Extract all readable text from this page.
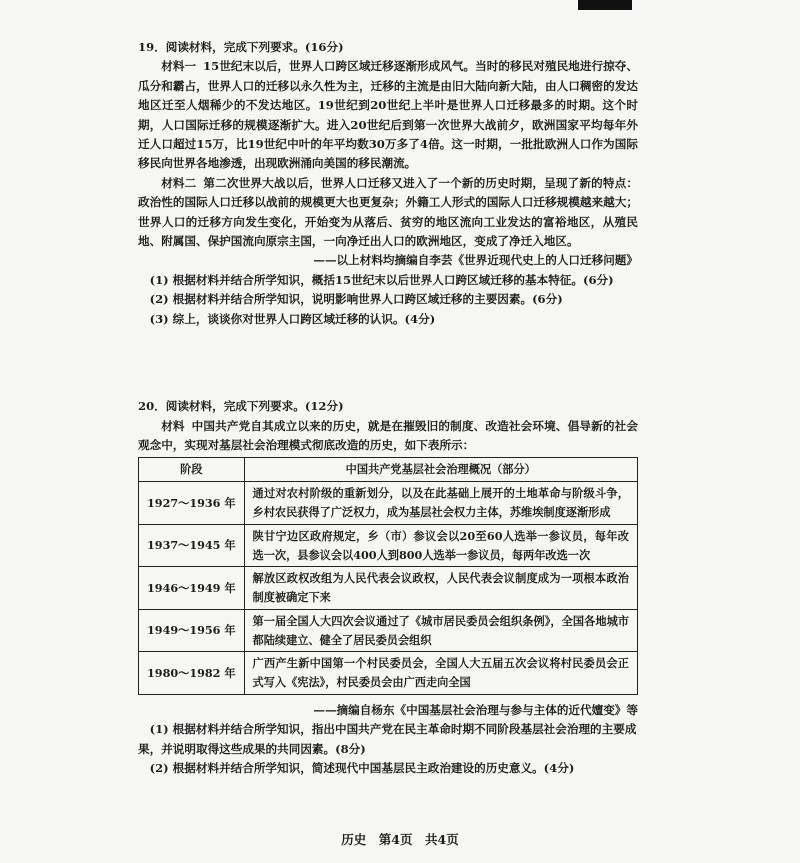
19．阅读材料，完成下列要求。(16分)

材料一 15世纪末以后，世界人口跨区域迁移逐渐形成风气。当时的移民对殖民地进行掠夺、瓜分和霸占，世界人口的迁移以永久性为主，迁移的主流是由旧大陆向新大陆，由人口稠密的发达地区迁至人烟稀少的不发达地区。19世纪到20世纪上半叶是世界人口迁移最多的时期。这个时期，人口国际迁移的规模逐渐扩大。进入20世纪后到第一次世界大战前夕，欧洲国家平均每年外迁人口超过15万，比19世纪中叶的年平均数30万多了4倍。这一时期，一批批欧洲人口作为国际移民向世界各地渗透，出现欧洲涌向美国的移民潮流。

材料二 第二次世界大战以后，世界人口迁移又进入了一个新的历史时期，呈现了新的特点：政治性的国际人口迁移以战前的规模更大也更复杂；外籍工人形式的国际人口迁移规模越来越大；世界人口的迁移方向发生变化，开始变为从落后、贫穷的地区流向工业发达的富裕地区，从殖民地、附属国、保护国流向原宗主国，一向净迁出人口的欧洲地区，变成了净迁入地区。

——以上材料均摘编自李芸《世界近现代史上的人口迁移问题》

(1) 根据材料并结合所学知识，概括15世纪末以后世界人口跨区域迁移的基本特征。(6分)

(2) 根据材料并结合所学知识，说明影响世界人口跨区域迁移的主要因素。(6分)

(3) 综上，谈谈你对世界人口跨区域迁移的认识。(4分)

20．阅读材料，完成下列要求。(12分)

材料 中国共产党自其成立以来的历史，就是在摧毁旧的制度、改造社会环境、倡导新的社会观念中，实现对基层社会治理模式彻底改造的历史，如下表所示：

阶段	中国共产党基层社会治理概况（部分）
1927～1936 年	通过对农村阶级的重新划分，以及在此基础上展开的土地革命与阶级斗争，乡村农民获得了广泛权力，成为基层社会权力主体，苏维埃制度逐渐形成
1937～1945 年	陕甘宁边区政府规定，乡（市）参议会以20至60人选举一参议员，每年改选一次，县参议会以400人到800人选举一参议员，每两年改选一次
1946～1949 年	解放区政权改组为人民代表会议政权，人民代表会议制度成为一项根本政治制度被确定下来
1949～1956 年	第一届全国人大四次会议通过了《城市居民委员会组织条例》，全国各地城市都陆续建立、健全了居民委员会组织
1980～1982 年	广西产生新中国第一个村民委员会，全国人大五届五次会议将村民委员会正式写入《宪法》，村民委员会由广西走向全国

——摘编自杨东《中国基层社会治理与参与主体的近代嬗变》等

(1) 根据材料并结合所学知识，指出中国共产党在民主革命时期不同阶段基层社会治理的主要成果，并说明取得这些成果的共同因素。(8分)

(2) 根据材料并结合所学知识，简述现代中国基层民主政治建设的历史意义。(4分)

历史　第4页　共4页
